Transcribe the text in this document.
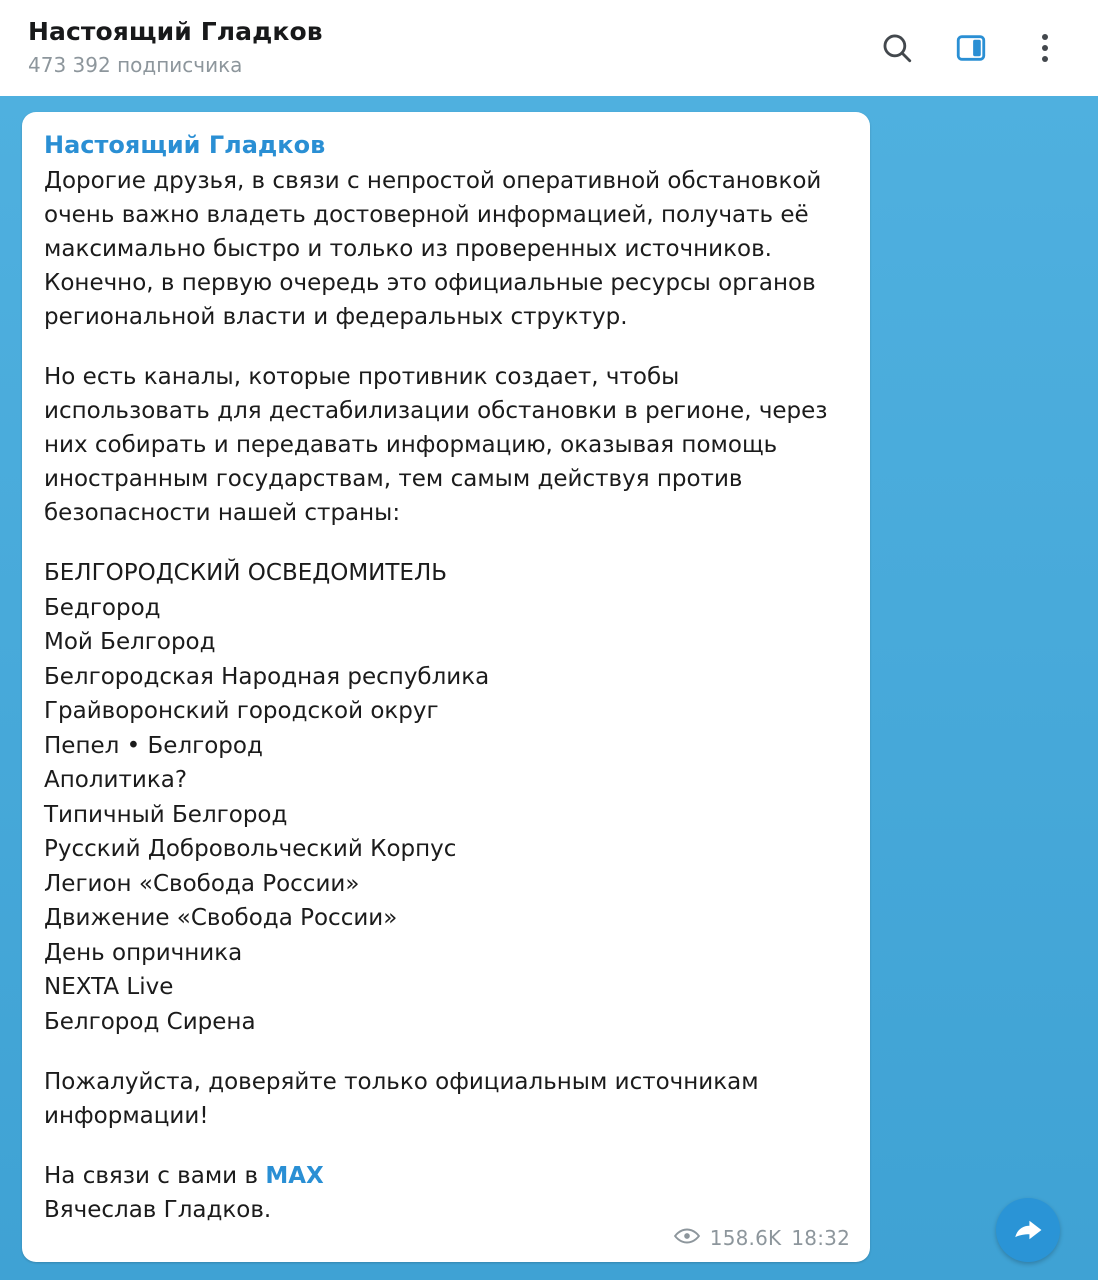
Настоящий Гладков
473 392 подписчика
Настоящий Гладков
Дорогие друзья, в связи с непростой оперативной обстановкой очень важно владеть достоверной информацией, получать её максимально быстро и только из проверенных источников. Конечно, в первую очередь это официальные ресурсы органов региональной власти и федеральных структур.
Но есть каналы, которые противник создает, чтобы использовать для дестабилизации обстановки в регионе, через них собирать и передавать информацию, оказывая помощь иностранным государствам, тем самым действуя против безопасности нашей страны:
БЕЛГОРОДСКИЙ ОСВЕДОМИТЕЛЬ
Бедгород
Мой Белгород
Белгородская Народная республика
Грайворонский городской округ
Пепел • Белгород
Аполитика?
Типичный Белгород
Русский Добровольческий Корпус
Легион «Свобода России»
Движение «Свобода России»
День опричника
NEXTA Live
Белгород Сирена
Пожалуйста, доверяйте только официальным источникам информации!
На связи с вами в MAX
Вячеслав Гладков.
158.6K 18:32
